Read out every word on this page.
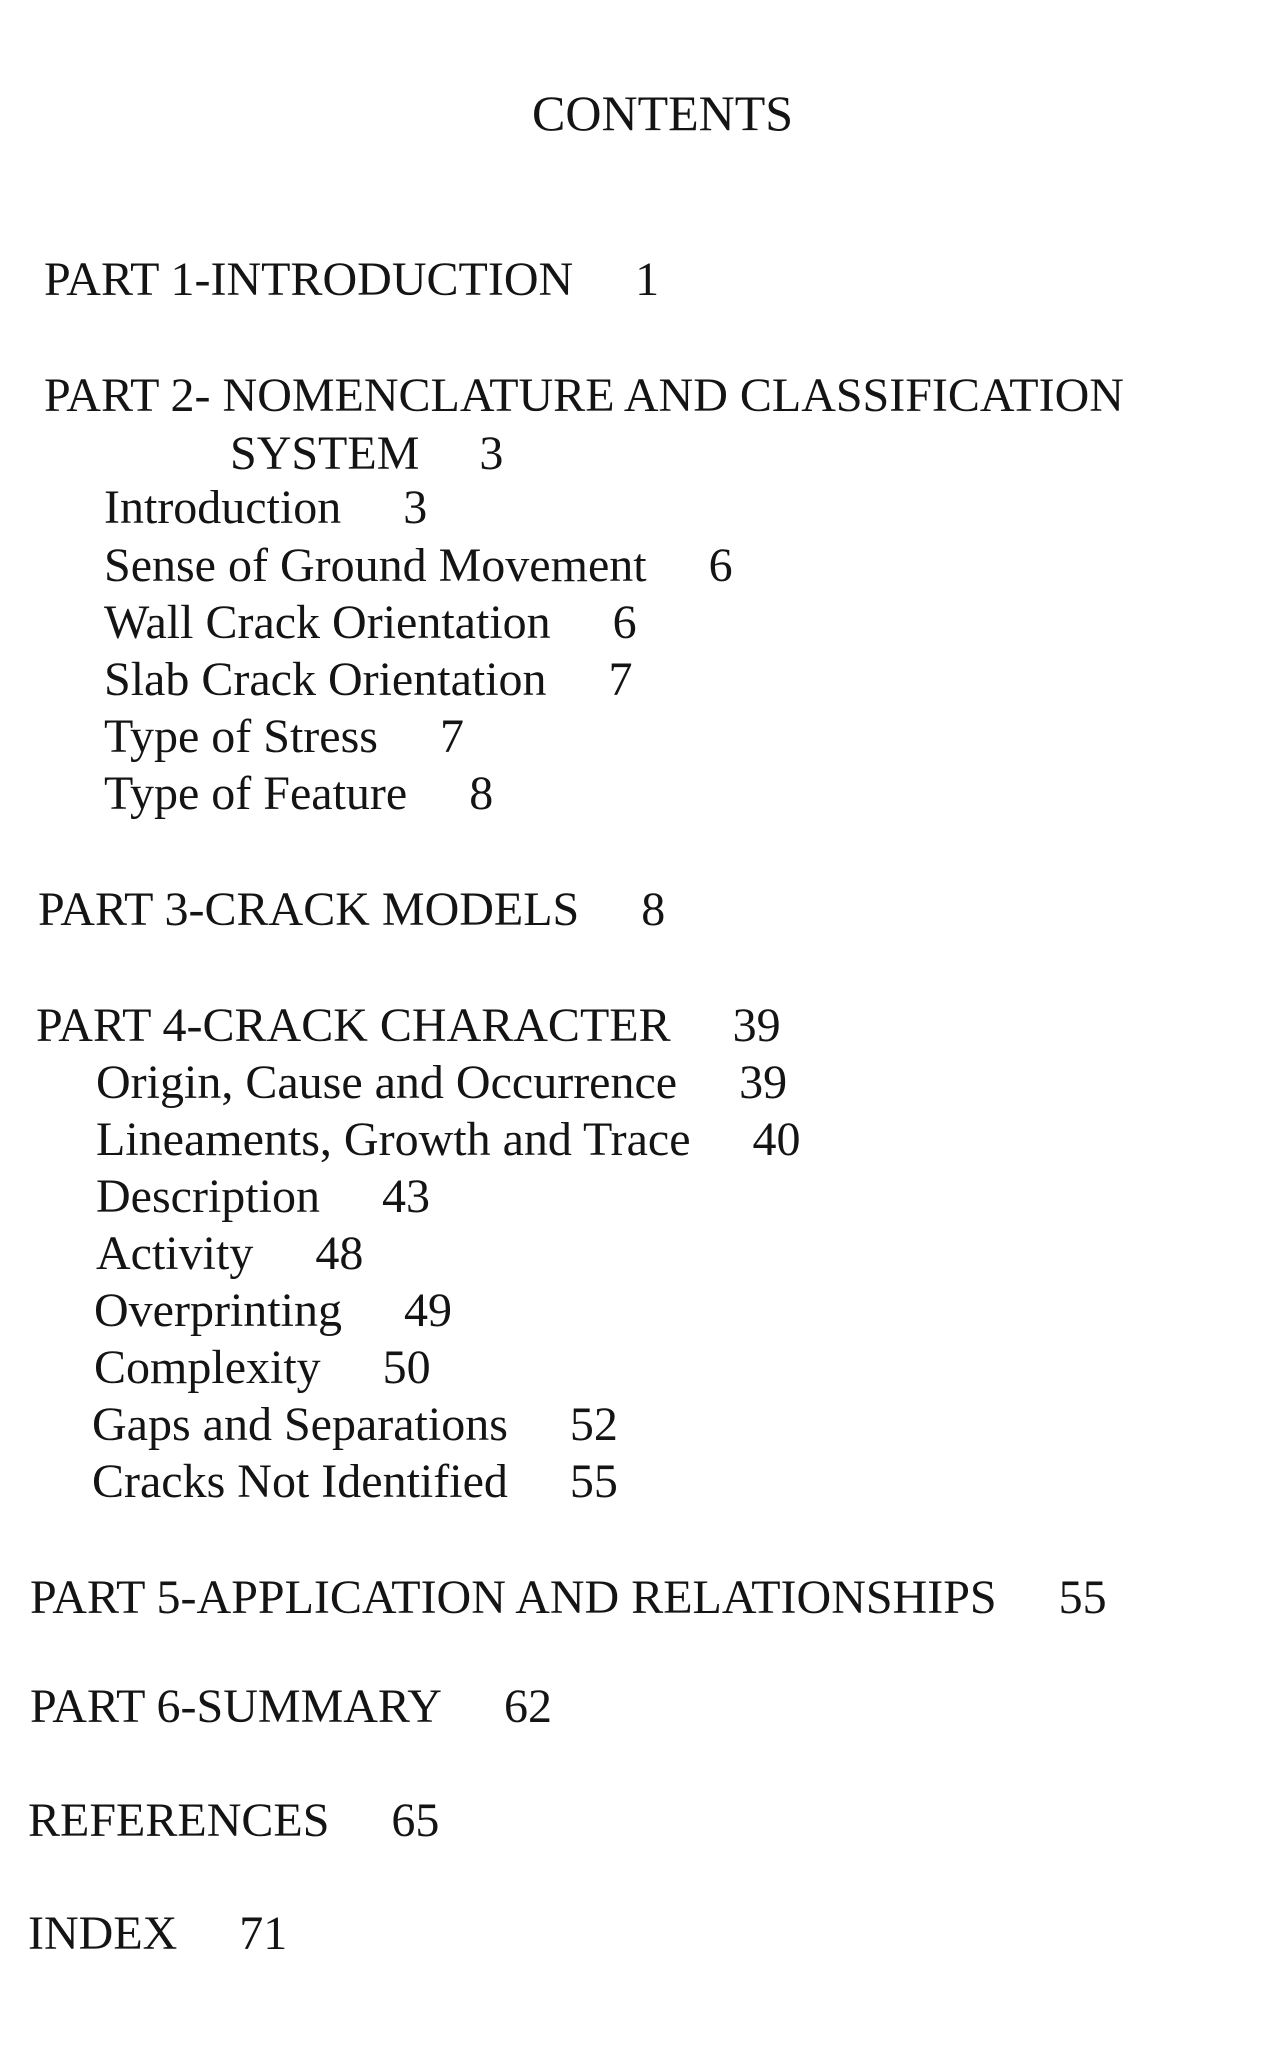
CONTENTS
PART 1-INTRODUCTION 1
PART 2- NOMENCLATURE AND CLASSIFICATION
SYSTEM 3
Introduction 3
Sense of Ground Movement 6
Wall Crack Orientation 6
Slab Crack Orientation 7
Type of Stress 7
Type of Feature 8
PART 3-CRACK MODELS 8
PART 4-CRACK CHARACTER 39
Origin, Cause and Occurrence 39
Lineaments, Growth and Trace 40
Description 43
Activity 48
Overprinting 49
Complexity 50
Gaps and Separations 52
Cracks Not Identified 55
PART 5-APPLICATION AND RELATIONSHIPS 55
PART 6-SUMMARY 62
REFERENCES 65
INDEX 71
